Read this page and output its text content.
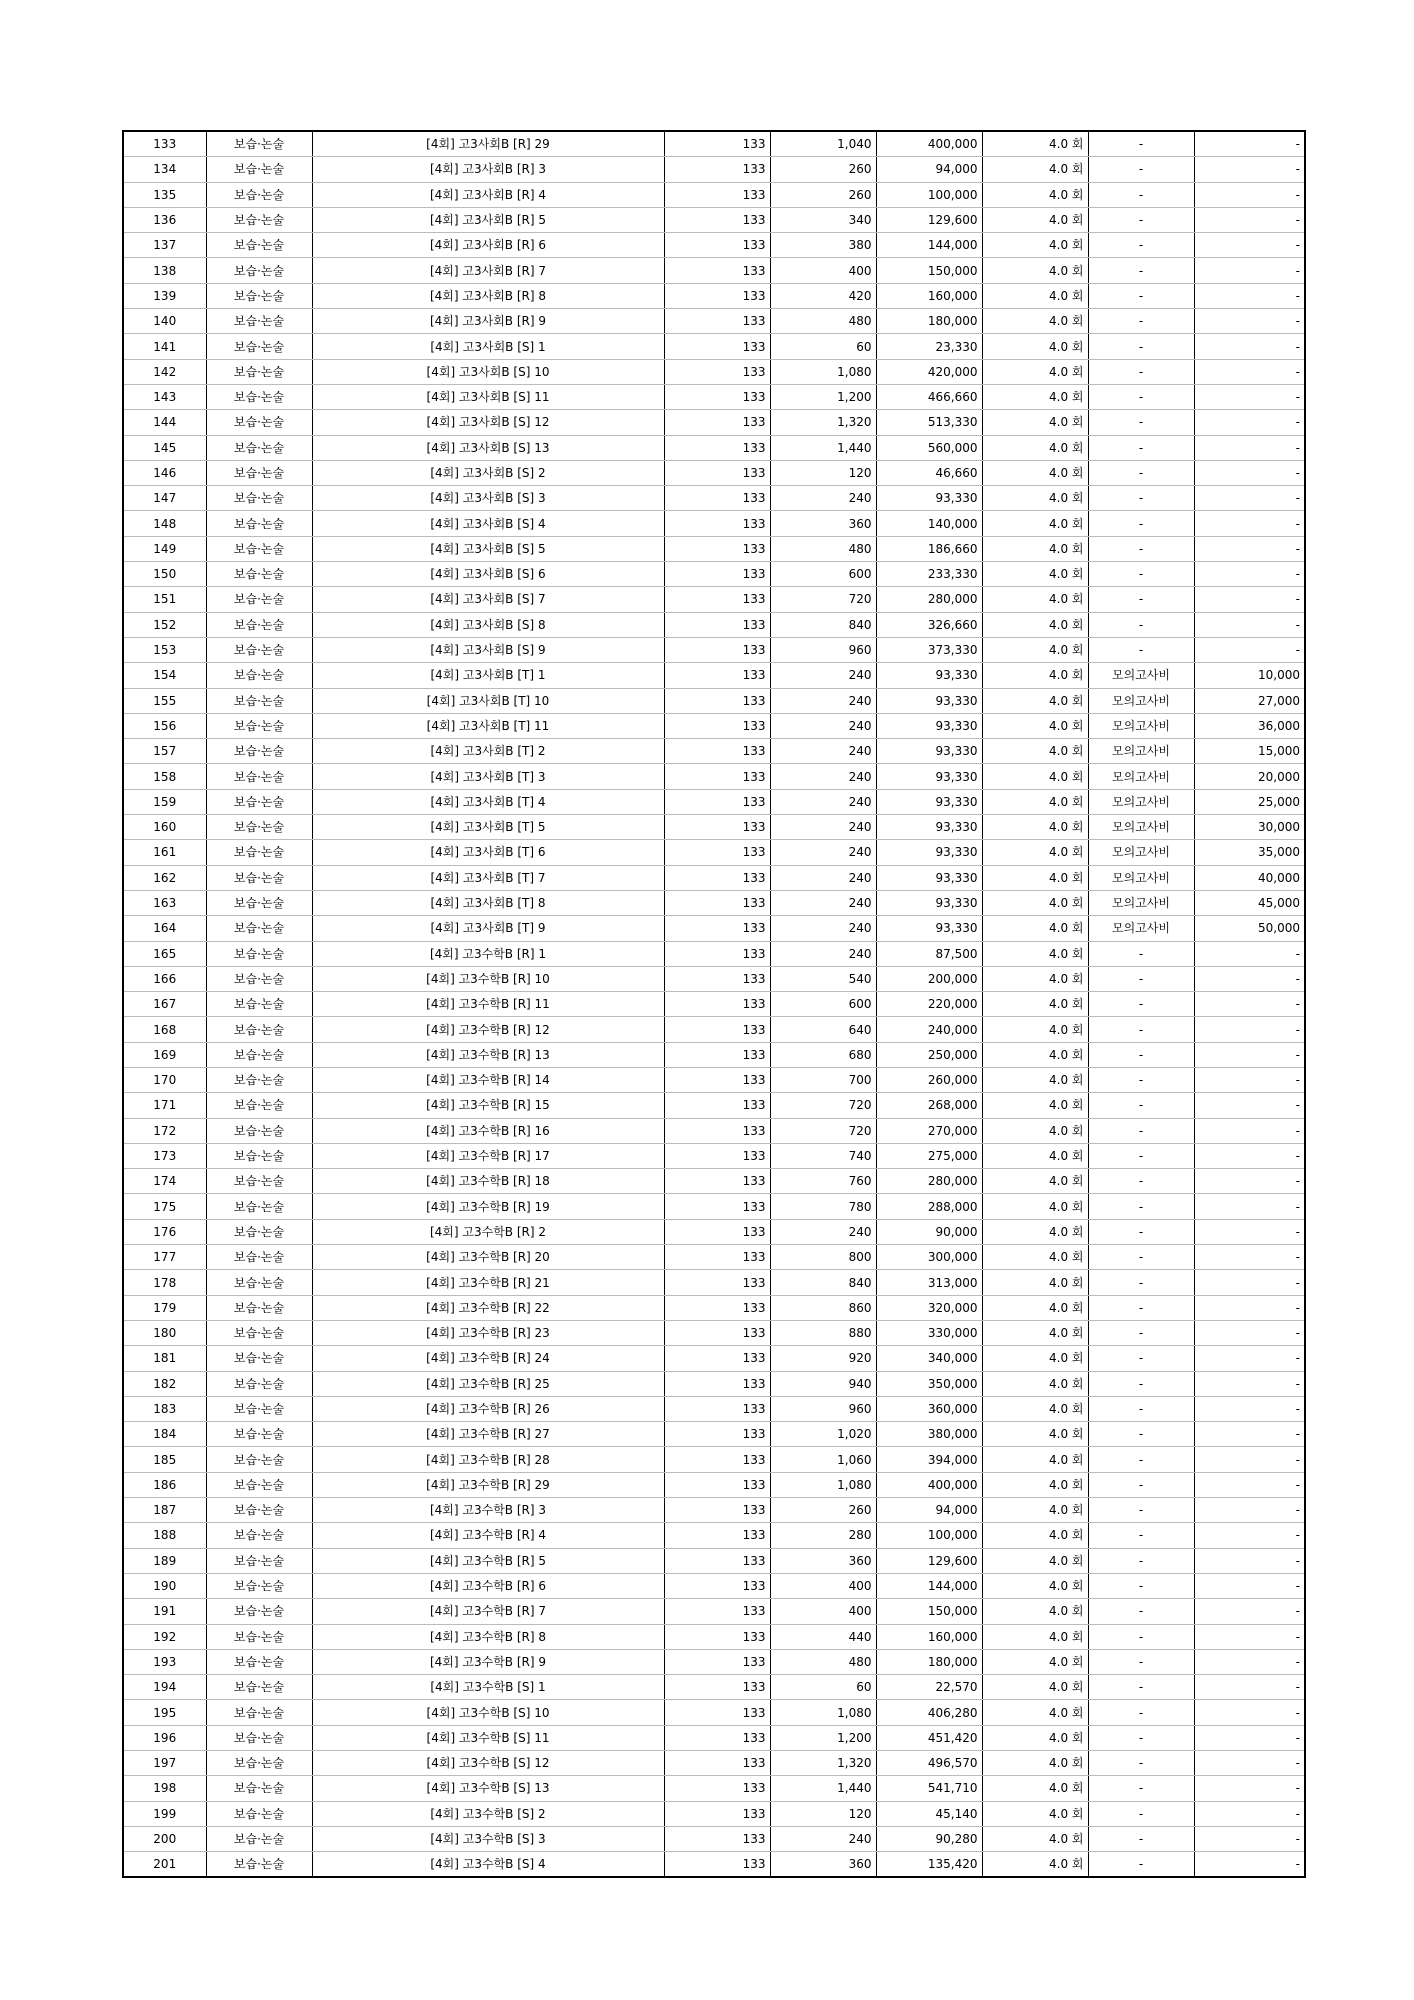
133	보습·논술	[4회] 고3사회B [R] 29	133	1,040	400,000	4.0 회	-	-
134	보습·논술	[4회] 고3사회B [R] 3	133	260	94,000	4.0 회	-	-
135	보습·논술	[4회] 고3사회B [R] 4	133	260	100,000	4.0 회	-	-
136	보습·논술	[4회] 고3사회B [R] 5	133	340	129,600	4.0 회	-	-
137	보습·논술	[4회] 고3사회B [R] 6	133	380	144,000	4.0 회	-	-
138	보습·논술	[4회] 고3사회B [R] 7	133	400	150,000	4.0 회	-	-
139	보습·논술	[4회] 고3사회B [R] 8	133	420	160,000	4.0 회	-	-
140	보습·논술	[4회] 고3사회B [R] 9	133	480	180,000	4.0 회	-	-
141	보습·논술	[4회] 고3사회B [S] 1	133	60	23,330	4.0 회	-	-
142	보습·논술	[4회] 고3사회B [S] 10	133	1,080	420,000	4.0 회	-	-
143	보습·논술	[4회] 고3사회B [S] 11	133	1,200	466,660	4.0 회	-	-
144	보습·논술	[4회] 고3사회B [S] 12	133	1,320	513,330	4.0 회	-	-
145	보습·논술	[4회] 고3사회B [S] 13	133	1,440	560,000	4.0 회	-	-
146	보습·논술	[4회] 고3사회B [S] 2	133	120	46,660	4.0 회	-	-
147	보습·논술	[4회] 고3사회B [S] 3	133	240	93,330	4.0 회	-	-
148	보습·논술	[4회] 고3사회B [S] 4	133	360	140,000	4.0 회	-	-
149	보습·논술	[4회] 고3사회B [S] 5	133	480	186,660	4.0 회	-	-
150	보습·논술	[4회] 고3사회B [S] 6	133	600	233,330	4.0 회	-	-
151	보습·논술	[4회] 고3사회B [S] 7	133	720	280,000	4.0 회	-	-
152	보습·논술	[4회] 고3사회B [S] 8	133	840	326,660	4.0 회	-	-
153	보습·논술	[4회] 고3사회B [S] 9	133	960	373,330	4.0 회	-	-
154	보습·논술	[4회] 고3사회B [T] 1	133	240	93,330	4.0 회	모의고사비	10,000
155	보습·논술	[4회] 고3사회B [T] 10	133	240	93,330	4.0 회	모의고사비	27,000
156	보습·논술	[4회] 고3사회B [T] 11	133	240	93,330	4.0 회	모의고사비	36,000
157	보습·논술	[4회] 고3사회B [T] 2	133	240	93,330	4.0 회	모의고사비	15,000
158	보습·논술	[4회] 고3사회B [T] 3	133	240	93,330	4.0 회	모의고사비	20,000
159	보습·논술	[4회] 고3사회B [T] 4	133	240	93,330	4.0 회	모의고사비	25,000
160	보습·논술	[4회] 고3사회B [T] 5	133	240	93,330	4.0 회	모의고사비	30,000
161	보습·논술	[4회] 고3사회B [T] 6	133	240	93,330	4.0 회	모의고사비	35,000
162	보습·논술	[4회] 고3사회B [T] 7	133	240	93,330	4.0 회	모의고사비	40,000
163	보습·논술	[4회] 고3사회B [T] 8	133	240	93,330	4.0 회	모의고사비	45,000
164	보습·논술	[4회] 고3사회B [T] 9	133	240	93,330	4.0 회	모의고사비	50,000
165	보습·논술	[4회] 고3수학B [R] 1	133	240	87,500	4.0 회	-	-
166	보습·논술	[4회] 고3수학B [R] 10	133	540	200,000	4.0 회	-	-
167	보습·논술	[4회] 고3수학B [R] 11	133	600	220,000	4.0 회	-	-
168	보습·논술	[4회] 고3수학B [R] 12	133	640	240,000	4.0 회	-	-
169	보습·논술	[4회] 고3수학B [R] 13	133	680	250,000	4.0 회	-	-
170	보습·논술	[4회] 고3수학B [R] 14	133	700	260,000	4.0 회	-	-
171	보습·논술	[4회] 고3수학B [R] 15	133	720	268,000	4.0 회	-	-
172	보습·논술	[4회] 고3수학B [R] 16	133	720	270,000	4.0 회	-	-
173	보습·논술	[4회] 고3수학B [R] 17	133	740	275,000	4.0 회	-	-
174	보습·논술	[4회] 고3수학B [R] 18	133	760	280,000	4.0 회	-	-
175	보습·논술	[4회] 고3수학B [R] 19	133	780	288,000	4.0 회	-	-
176	보습·논술	[4회] 고3수학B [R] 2	133	240	90,000	4.0 회	-	-
177	보습·논술	[4회] 고3수학B [R] 20	133	800	300,000	4.0 회	-	-
178	보습·논술	[4회] 고3수학B [R] 21	133	840	313,000	4.0 회	-	-
179	보습·논술	[4회] 고3수학B [R] 22	133	860	320,000	4.0 회	-	-
180	보습·논술	[4회] 고3수학B [R] 23	133	880	330,000	4.0 회	-	-
181	보습·논술	[4회] 고3수학B [R] 24	133	920	340,000	4.0 회	-	-
182	보습·논술	[4회] 고3수학B [R] 25	133	940	350,000	4.0 회	-	-
183	보습·논술	[4회] 고3수학B [R] 26	133	960	360,000	4.0 회	-	-
184	보습·논술	[4회] 고3수학B [R] 27	133	1,020	380,000	4.0 회	-	-
185	보습·논술	[4회] 고3수학B [R] 28	133	1,060	394,000	4.0 회	-	-
186	보습·논술	[4회] 고3수학B [R] 29	133	1,080	400,000	4.0 회	-	-
187	보습·논술	[4회] 고3수학B [R] 3	133	260	94,000	4.0 회	-	-
188	보습·논술	[4회] 고3수학B [R] 4	133	280	100,000	4.0 회	-	-
189	보습·논술	[4회] 고3수학B [R] 5	133	360	129,600	4.0 회	-	-
190	보습·논술	[4회] 고3수학B [R] 6	133	400	144,000	4.0 회	-	-
191	보습·논술	[4회] 고3수학B [R] 7	133	400	150,000	4.0 회	-	-
192	보습·논술	[4회] 고3수학B [R] 8	133	440	160,000	4.0 회	-	-
193	보습·논술	[4회] 고3수학B [R] 9	133	480	180,000	4.0 회	-	-
194	보습·논술	[4회] 고3수학B [S] 1	133	60	22,570	4.0 회	-	-
195	보습·논술	[4회] 고3수학B [S] 10	133	1,080	406,280	4.0 회	-	-
196	보습·논술	[4회] 고3수학B [S] 11	133	1,200	451,420	4.0 회	-	-
197	보습·논술	[4회] 고3수학B [S] 12	133	1,320	496,570	4.0 회	-	-
198	보습·논술	[4회] 고3수학B [S] 13	133	1,440	541,710	4.0 회	-	-
199	보습·논술	[4회] 고3수학B [S] 2	133	120	45,140	4.0 회	-	-
200	보습·논술	[4회] 고3수학B [S] 3	133	240	90,280	4.0 회	-	-
201	보습·논술	[4회] 고3수학B [S] 4	133	360	135,420	4.0 회	-	-
